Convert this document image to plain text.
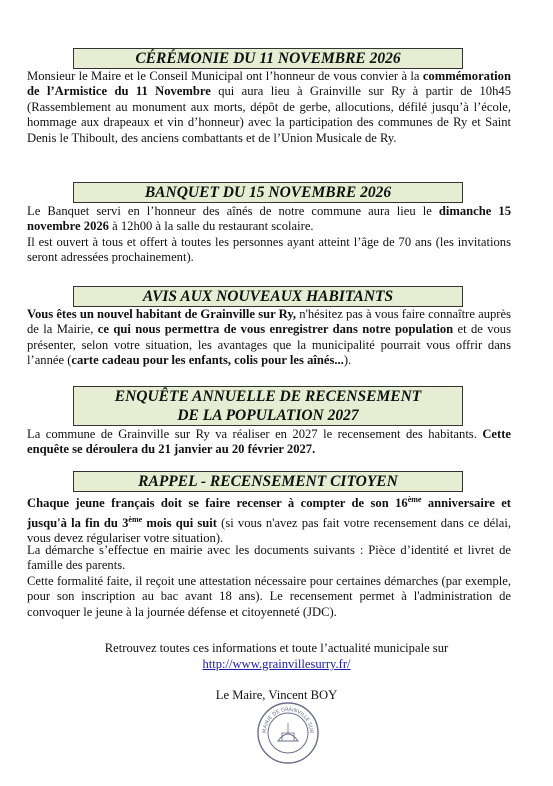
CÉRÉMONIE DU 11 NOVEMBRE 2026

Monsieur le Maire et le Conseil Municipal ont l’honneur de vous convier à la commémoration de l’Armistice du 11 Novembre qui aura lieu à Grainville sur Ry à partir de 10h45 (Rassemblement au monument aux morts, dépôt de gerbe, allocutions, défilé jusqu’à l’école, hommage aux drapeaux et vin d’honneur) avec la participation des communes de Ry et Saint Denis le Thiboult, des anciens combattants et de l’Union Musicale de Ry.

BANQUET DU 15 NOVEMBRE 2026

Le Banquet servi en l’honneur des aînés de notre commune aura lieu le dimanche 15 novembre 2026 à 12h00 à la salle du restaurant scolaire.

Il est ouvert à tous et offert à toutes les personnes ayant atteint l’âge de 70 ans (les invitations seront adressées prochainement).

AVIS AUX NOUVEAUX HABITANTS

Vous êtes un nouvel habitant de Grainville sur Ry, n'hésitez pas à vous faire connaître auprès de la Mairie, ce qui nous permettra de vous enregistrer dans notre population et de vous présenter, selon votre situation, les avantages que la municipalité pourrait vous offrir dans l’année (carte cadeau pour les enfants, colis pour les aînés...).

ENQUÊTE ANNUELLE DE RECENSEMENT
DE LA POPULATION 2027

La commune de Grainville sur Ry va réaliser en 2027 le recensement des habitants. Cette enquête se déroulera du 21 janvier au 20 février 2027.

RAPPEL - RECENSEMENT CITOYEN

Chaque jeune français doit se faire recenser à compter de son 16ème anniversaire et jusqu'à la fin du 3ème mois qui suit (si vous n'avez pas fait votre recensement dans ce délai, vous devez régulariser votre situation).

La démarche s’effectue en mairie avec les documents suivants : Pièce d’identité et livret de famille des parents.

Cette formalité faite, il reçoit une attestation nécessaire pour certaines démarches (par exemple, pour son inscription au bac avant 18 ans). Le recensement permet à l'administration de convoquer le jeune à la journée défense et citoyenneté (JDC).

Retrouvez toutes ces informations et toute l’actualité municipale sur
http://www.grainvillesurry.fr/
Le Maire, Vincent BOY
MAIRIE DE GRAINVILLE SUR
